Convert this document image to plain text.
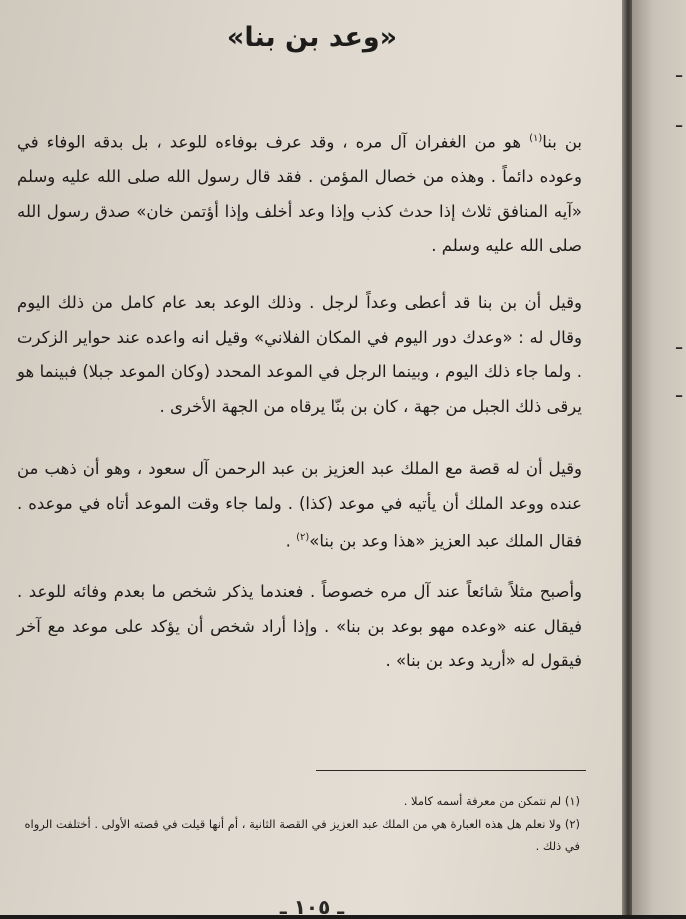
«وعد بن بنا»

بن بنا$^{(١)}$ هو من الغفران آل مره ، وقد عرف بوفاءه للوعد ، بل بدقه الوفاء في وعوده دائماً . وهذه من خصال المؤمن . فقد قال رسول الله صلى الله عليه وسلم «آيه المنافق ثلاث إذا حدث كذب وإذا وعد أخلف وإذا أؤتمن خان» صدق رسول الله صلى الله عليه وسلم .

وقيل أن بن بنا قد أعطى وعداً لرجل . وذلك الوعد بعد عام كامل من ذلك اليوم وقال له : «وعدك دور اليوم في المكان الفلاني» وقيل انه واعده عند حواير الزكرت . ولما جاء ذلك اليوم ، وبينما الرجل في الموعد المحدد (وكان الموعد جبلا) فبينما هو يرقى ذلك الجبل من جهة ، كان بن بنّا يرقاه من الجهة الأخرى .

وقيل أن له قصة مع الملك عبد العزيز بن عبد الرحمن آل سعود ، وهو أن ذهب من عنده ووعد الملك أن يأتيه في موعد (كذا) . ولما جاء وقت الموعد أتاه في موعده . فقال الملك عبد العزيز «هذا وعد بن بنا»$^{(٢)}$ .

وأصبح مثلاً شائعاً عند آل مره خصوصاً . فعندما يذكر شخص ما بعدم وفائه للوعد . فيقال عنه «وعده مهو بوعد بن بنا» . وإذا أراد شخص أن يؤكد على موعد مع آخر فيقول له «أريد وعد بن بنا» .

(١) لم نتمكن من معرفة أسمه كاملا .

(٢) ولا نعلم هل هذه العبارة هي من الملك عبد العزيز في القصة الثانية ، أم أنها قيلت في قصته الأولى . أختلفت الرواه في ذلك .

ـ ١٠٥ ـ
ـ
ـ
ـ
ـ
